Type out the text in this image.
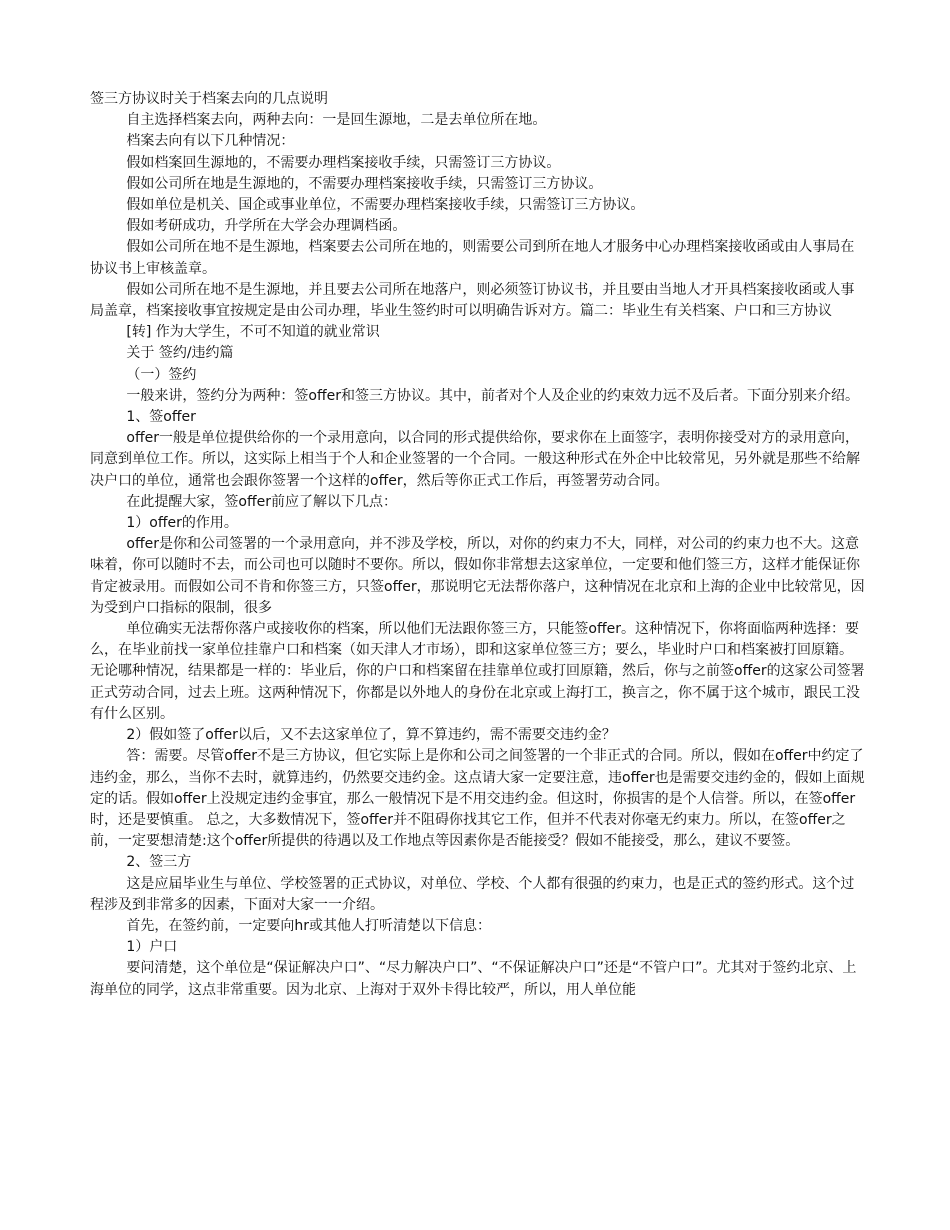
签三方协议时关于档案去向的几点说明

自主选择档案去向，两种去向：一是回生源地，二是去单位所在地。

档案去向有以下几种情况：

假如档案回生源地的，不需要办理档案接收手续，只需签订三方协议。

假如公司所在地是生源地的，不需要办理档案接收手续，只需签订三方协议。

假如单位是机关、国企或事业单位，不需要办理档案接收手续，只需签订三方协议。

假如考研成功，升学所在大学会办理调档函。

假如公司所在地不是生源地，档案要去公司所在地的，则需要公司到所在地人才服务中心办理档案接收函或由人事局在协议书上审核盖章。

假如公司所在地不是生源地，并且要去公司所在地落户，则必须签订协议书，并且要由当地人才开具档案接收函或人事局盖章，档案接收事宜按规定是由公司办理，毕业生签约时可以明确告诉对方。篇二：毕业生有关档案、户口和三方协议

[转] 作为大学生，不可不知道的就业常识

关于 签约/违约篇

（一）签约

一般来讲，签约分为两种：签offer和签三方协议。其中，前者对个人及企业的约束效力远不及后者。下面分别来介绍。

1、签offer

offer一般是单位提供给你的一个录用意向，以合同的形式提供给你，要求你在上面签字，表明你接受对方的录用意向，同意到单位工作。所以，这实际上相当于个人和企业签署的一个合同。一般这种形式在外企中比较常见，另外就是那些不给解决户口的单位，通常也会跟你签署一个这样的offer，然后等你正式工作后，再签署劳动合同。

在此提醒大家，签offer前应了解以下几点：

1）offer的作用。

offer是你和公司签署的一个录用意向，并不涉及学校，所以，对你的约束力不大，同样，对公司的约束力也不大。这意味着，你可以随时不去，而公司也可以随时不要你。所以，假如你非常想去这家单位，一定要和他们签三方，这样才能保证你肯定被录用。而假如公司不肯和你签三方，只签offer，那说明它无法帮你落户，这种情况在北京和上海的企业中比较常见，因为受到户口指标的限制，很多

单位确实无法帮你落户或接收你的档案，所以他们无法跟你签三方，只能签offer。这种情况下，你将面临两种选择：要么，在毕业前找一家单位挂靠户口和档案（如天津人才市场），即和这家单位签三方；要么，毕业时户口和档案被打回原籍。无论哪种情况，结果都是一样的：毕业后，你的户口和档案留在挂靠单位或打回原籍，然后，你与之前签offer的这家公司签署正式劳动合同，过去上班。这两种情况下，你都是以外地人的身份在北京或上海打工，换言之，你不属于这个城市，跟民工没有什么区别。

2）假如签了offer以后，又不去这家单位了，算不算违约，需不需要交违约金？

答：需要。尽管offer不是三方协议，但它实际上是你和公司之间签署的一个非正式的合同。所以，假如在offer中约定了违约金，那么，当你不去时，就算违约，仍然要交违约金。这点请大家一定要注意，违offer也是需要交违约金的，假如上面规定的话。假如offer上没规定违约金事宜，那么一般情况下是不用交违约金。但这时，你损害的是个人信誉。所以，在签offer时，还是要慎重。 总之，大多数情况下，签offer并不阻碍你找其它工作，但并不代表对你毫无约束力。所以，在签offer之前，一定要想清楚:这个offer所提供的待遇以及工作地点等因素你是否能接受？假如不能接受，那么，建议不要签。

2、签三方

这是应届毕业生与单位、学校签署的正式协议，对单位、学校、个人都有很强的约束力，也是正式的签约形式。这个过程涉及到非常多的因素，下面对大家一一介绍。

首先，在签约前，一定要向hr或其他人打听清楚以下信息：

1）户口

要问清楚，这个单位是“保证解决户口”、“尽力解决户口”、“不保证解决户口”还是“不管户口”。尤其对于签约北京、上海单位的同学，这点非常重要。因为北京、上海对于双外卡得比较严，所以，用人单位能
